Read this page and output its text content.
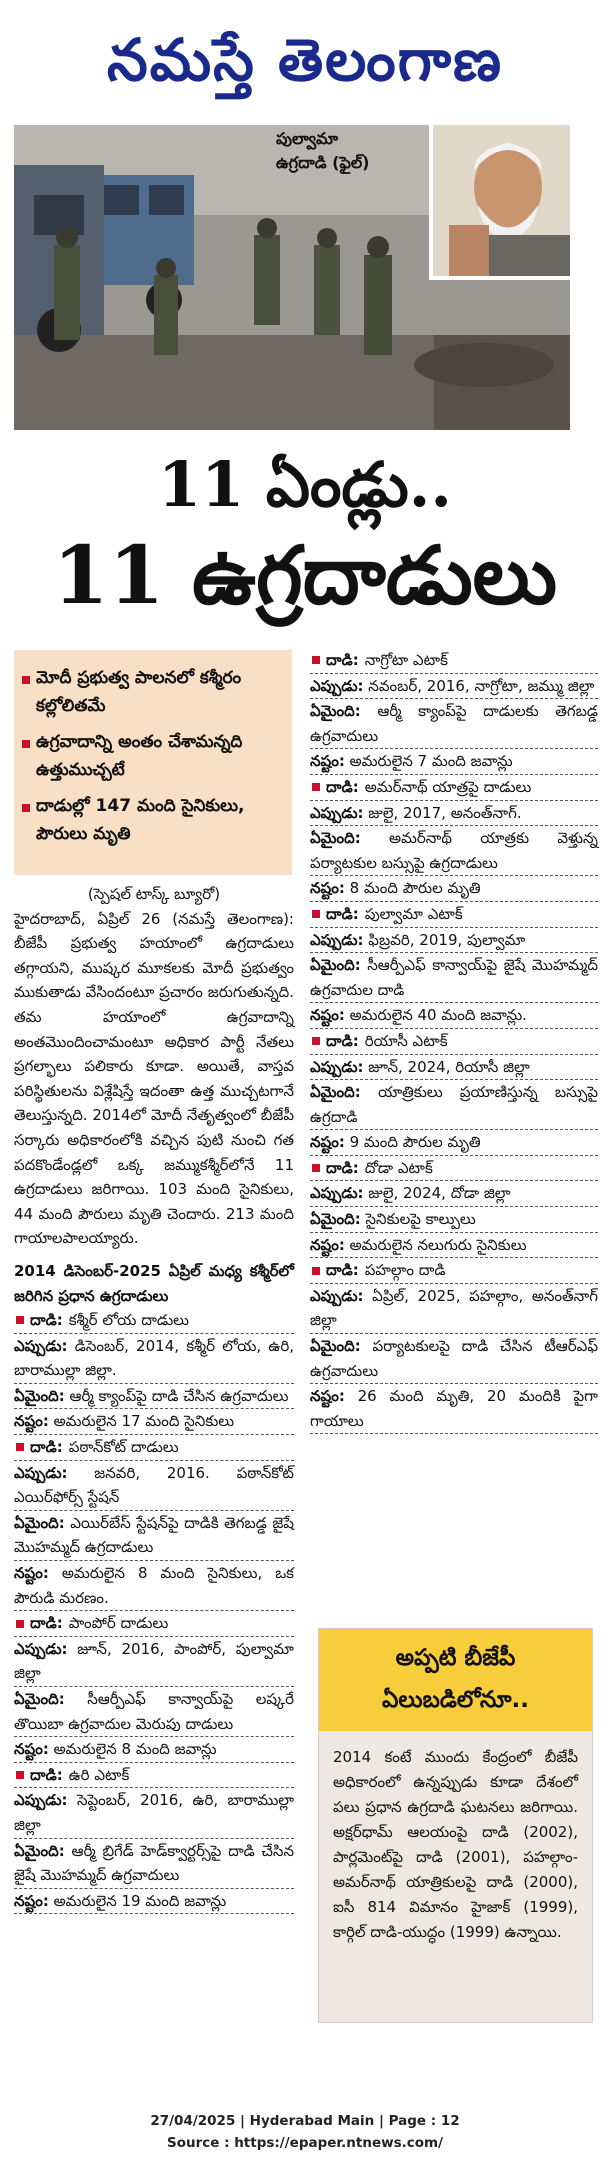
నమస్తే తెలంగాణ
పుల్వామా
ఉగ్రదాడి (ఫైల్)
11 ఏండ్లు..
11 ఉగ్రదాడులు
మోదీ ప్రభుత్వ పాలనలో కశ్మీరం కల్లోలితమే
ఉగ్రవాదాన్ని అంతం చేశామన్నది ఉత్తుముచ్చటే
దాడుల్లో 147 మంది సైనికులు, పౌరులు మృతి
(స్పెషల్ టాస్క్ బ్యూరో)
హైదరాబాద్, ఏప్రిల్ 26 (నమస్తే తెలంగాణ): బీజేపీ ప్రభుత్వ హయాంలో ఉగ్రదాడులు తగ్గాయని, ముష్కర మూకలకు మోదీ ప్రభుత్వం ముకుతాడు వేసిందంటూ ప్రచారం జరుగుతున్నది. తమ హయాంలో ఉగ్రవాదాన్ని అంతమొందించామంటూ అధికార పార్టీ నేతలు ప్రగల్భాలు పలికారు కూడా. అయితే, వాస్తవ పరిస్థితులను విశ్లేషిస్తే ఇదంతా ఉత్త ముచ్చటగానే తెలుస్తున్నది. 2014లో మోదీ నేతృత్వంలో బీజేపీ సర్కారు అధికారంలోకి వచ్చిన పుటి నుంచి గత పదకొండేండ్లలో ఒక్క జమ్ముకశ్మీర్‌లోనే 11 ఉగ్రదాడులు జరిగాయి. 103 మంది సైనికులు, 44 మంది పౌరులు మృతి చెందారు. 213 మంది గాయాలపాలయ్యారు.
2014 డిసెంబర్-2025 ఏప్రిల్ మధ్య కశ్మీర్‌లో జరిగిన ప్రధాన ఉగ్రదాడులు
దాడి: కశ్మీర్ లోయ దాడులు
ఎప్పుడు: డిసెంబర్, 2014, కశ్మీర్ లోయ, ఉరి, బారాముల్లా జిల్లా.
ఏమైంది: ఆర్మీ క్యాంప్‌పై దాడి చేసిన ఉగ్రవాదులు
నష్టం: అమరులైన 17 మంది సైనికులు
దాడి: పఠాన్‌కోట్ దాడులు
ఎప్పుడు: జనవరి, 2016. పఠాన్‌కోట్ ఎయిర్‌ఫోర్స్ స్టేషన్
ఏమైంది: ఎయిర్‌బేస్ స్టేషన్‌పై దాడికి తెగబడ్డ జైషే మొహమ్మద్ ఉగ్రదాడులు
నష్టం: అమరులైన 8 మంది సైనికులు, ఒక పౌరుడి మరణం.
దాడి: పాంపోర్ దాడులు
ఎప్పుడు: జూన్, 2016, పాంపోర్, పుల్వామా జిల్లా
ఏమైంది: సీఆర్పీఎఫ్ కాన్వాయ్‌పై లష్కరే తొయిబా ఉగ్రవాదుల మెరుపు దాడులు
నష్టం: అమరులైన 8 మంది జవాన్లు
దాడి: ఉరి ఎటాక్
ఎప్పుడు: సెప్టెంబర్, 2016, ఉరి, బారాముల్లా జిల్లా
ఏమైంది: ఆర్మీ బ్రిగేడ్ హెడ్‌క్వార్టర్స్‌పై దాడి చేసిన జైషే మొహమ్మద్ ఉగ్రవాదులు
నష్టం: అమరులైన 19 మంది జవాన్లు
దాడి: నాగ్రోటా ఎటాక్
ఎప్పుడు: నవంబర్, 2016, నాగ్రోటా, జమ్ము జిల్లా
ఏమైంది: ఆర్మీ క్యాంప్‌పై దాడులకు తెగబడ్డ ఉగ్రవాదులు
నష్టం: అమరులైన 7 మంది జవాన్లు
దాడి: అమర్‌నాథ్ యాత్రపై దాడులు
ఎప్పుడు: జులై, 2017, అనంత్‌నాగ్.
ఏమైంది: అమర్‌నాథ్ యాత్రకు వెళ్తున్న పర్యాటకుల బస్సుపై ఉగ్రదాడులు
నష్టం: 8 మంది పౌరుల మృతి
దాడి: పుల్వామా ఎటాక్
ఎప్పుడు: ఫిబ్రవరి, 2019, పుల్వామా
ఏమైంది: సీఆర్పీఎఫ్ కాన్వాయ్‌పై జైషే మొహమ్మద్ ఉగ్రవాదుల దాడి
నష్టం: అమరులైన 40 మంది జవాన్లు.
దాడి: రియాసీ ఎటాక్
ఎప్పుడు: జూన్, 2024, రియాసీ జిల్లా
ఏమైంది: యాత్రికులు ప్రయాణిస్తున్న బస్సుపై ఉగ్రదాడి
నష్టం: 9 మంది పౌరుల మృతి
దాడి: దోడా ఎటాక్
ఎప్పుడు: జులై, 2024, దోడా జిల్లా
ఏమైంది: సైనికులపై కాల్పులు
నష్టం: అమరులైన నలుగురు సైనికులు
దాడి: పహల్గాం దాడి
ఎప్పుడు: ఏప్రిల్, 2025, పహల్గాం, అనంత్‌నాగ్ జిల్లా
ఏమైంది: పర్యాటకులపై దాడి చేసిన టీఆర్ఎఫ్ ఉగ్రవాదులు
నష్టం: 26 మంది మృతి, 20 మందికి పైగా గాయాలు
అప్పటి బీజేపీ
ఏలుబడిలోనూ..
2014 కంటే ముందు కేంద్రంలో బీజేపీ అధికారంలో ఉన్నప్పుడు కూడా దేశంలో పలు ప్రధాన ఉగ్రదాడి ఘటనలు జరిగాయి. అక్షర్‌ధామ్ ఆలయంపై దాడి (2002), పార్లమెంట్‌పై దాడి (2001), పహల్గాం-అమర్‌నాథ్ యాత్రికులపై దాడి (2000), ఐసీ 814 విమానం హైజాక్ (1999), కార్గిల్ దాడి-యుద్ధం (1999) ఉన్నాయి.
27/04/2025 | Hyderabad Main | Page : 12
Source : https://epaper.ntnews.com/
